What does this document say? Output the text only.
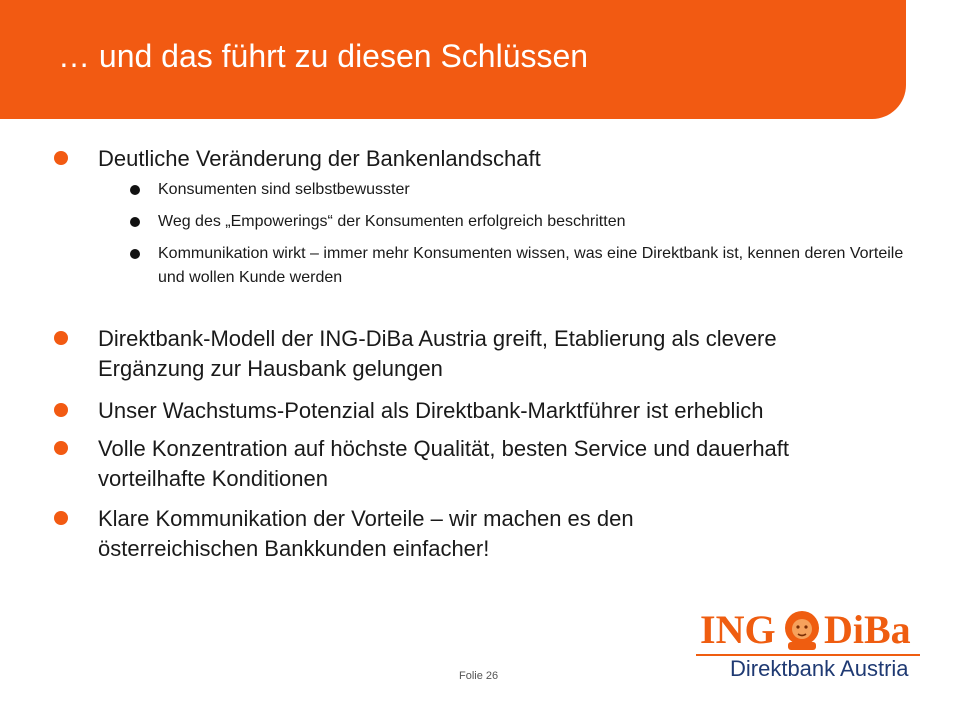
… und das führt zu diesen Schlüssen
Deutliche Veränderung der Bankenlandschaft
Konsumenten sind selbstbewusster
Weg des „Empowerings“ der Konsumenten erfolgreich beschritten
Kommunikation wirkt – immer mehr Konsumenten wissen, was eine Direktbank ist, kennen deren Vorteile und wollen Kunde werden
Direktbank-Modell der ING-DiBa Austria greift, Etablierung als clevere Ergänzung zur Hausbank gelungen
Unser Wachstums-Potenzial als Direktbank-Marktführer ist erheblich
Volle Konzentration auf höchste Qualität, besten Service und dauerhaft vorteilhafte Konditionen
Klare Kommunikation der Vorteile – wir machen es den österreichischen Bankkunden einfacher!
Folie 26
ING DiBa
Direktbank Austria
